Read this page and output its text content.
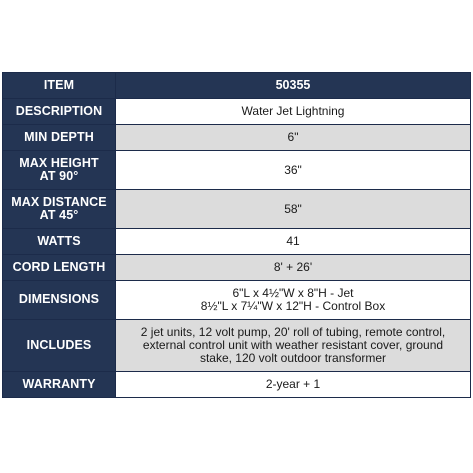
ITEM	50355
DESCRIPTION	Water Jet Lightning
MIN DEPTH	6"

MAX HEIGHT
AT 90°	36"

MAX DISTANCE
AT 45°	58"
WATTS	41
CORD LENGTH	8' + 26'
DIMENSIONS	6"L x 4½"W x 8"H - Jet
8½"L x 7¼"W x 12"H - Control Box

INCLUDES	2 jet units, 12 volt pump, 20' roll of tubing, remote control,
external control unit with weather resistant cover, ground
stake, 120 volt outdoor transformer

WARRANTY	2-year + 1
